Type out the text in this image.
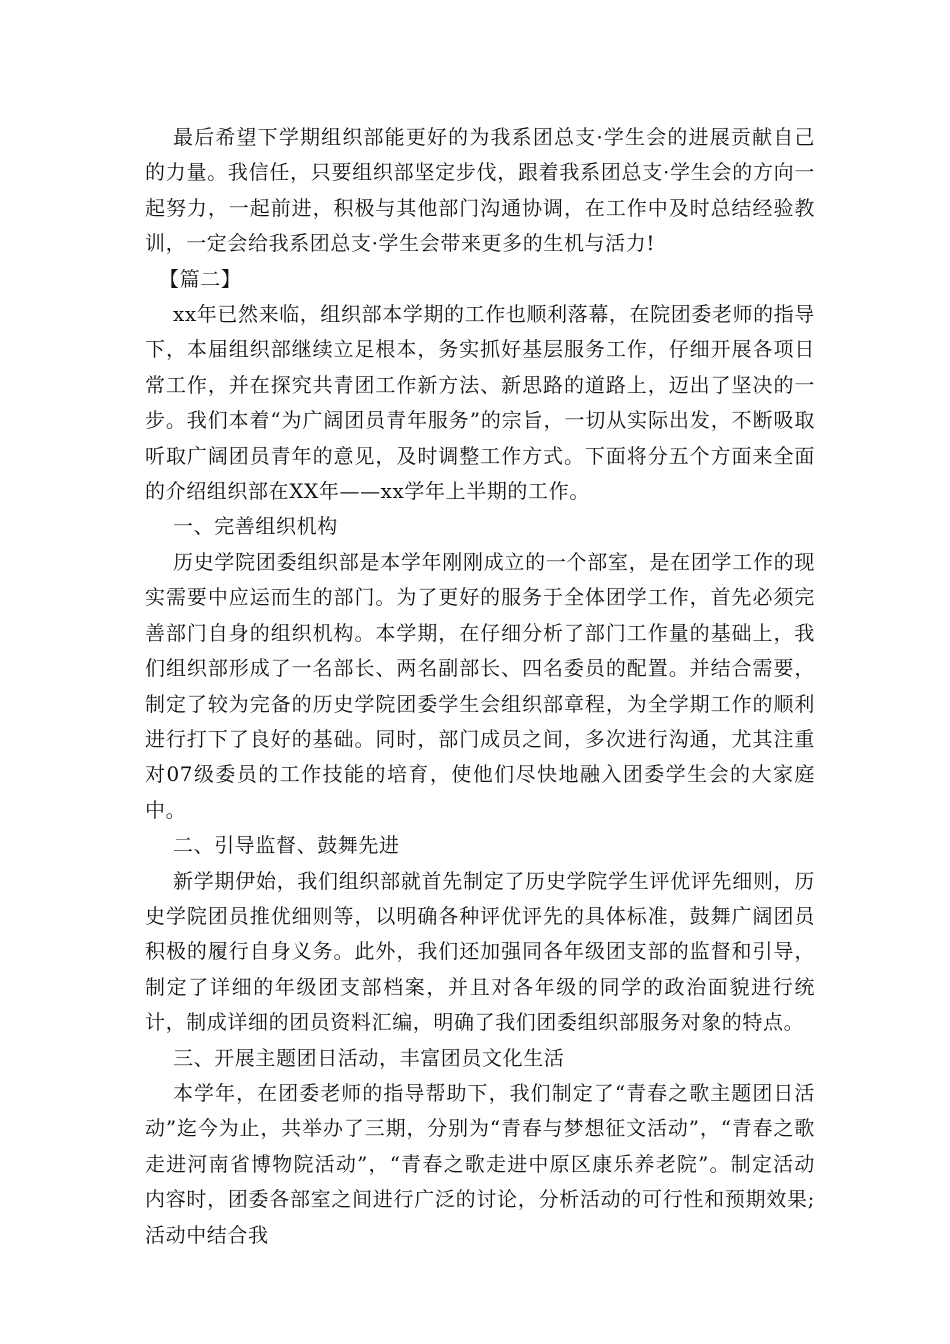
最后希望下学期组织部能更好的为我系团总支·学生会的进展贡献自己的力量。我信任，只要组织部坚定步伐，跟着我系团总支·学生会的方向一起努力，一起前进，积极与其他部门沟通协调，在工作中及时总结经验教训，一定会给我系团总支·学生会带来更多的生机与活力!

【篇二】

xx年已然来临，组织部本学期的工作也顺利落幕，在院团委老师的指导下，本届组织部继续立足根本，务实抓好基层服务工作，仔细开展各项日常工作，并在探究共青团工作新方法、新思路的道路上，迈出了坚决的一步。我们本着“为广阔团员青年服务”的宗旨，一切从实际出发，不断吸取听取广阔团员青年的意见，及时调整工作方式。下面将分五个方面来全面的介绍组织部在XX年——xx学年上半期的工作。

一、完善组织机构

历史学院团委组织部是本学年刚刚成立的一个部室，是在团学工作的现实需要中应运而生的部门。为了更好的服务于全体团学工作，首先必须完善部门自身的组织机构。本学期，在仔细分析了部门工作量的基础上，我们组织部形成了一名部长、两名副部长、四名委员的配置。并结合需要，制定了较为完备的历史学院团委学生会组织部章程，为全学期工作的顺利进行打下了良好的基础。同时，部门成员之间，多次进行沟通，尤其注重对07级委员的工作技能的培育，使他们尽快地融入团委学生会的大家庭中。

二、引导监督、鼓舞先进

新学期伊始，我们组织部就首先制定了历史学院学生评优评先细则，历史学院团员推优细则等，以明确各种评优评先的具体标准，鼓舞广阔团员积极的履行自身义务。此外，我们还加强同各年级团支部的监督和引导，制定了详细的年级团支部档案，并且对各年级的同学的政治面貌进行统计，制成详细的团员资料汇编，明确了我们团委组织部服务对象的特点。

三、开展主题团日活动，丰富团员文化生活

本学年，在团委老师的指导帮助下，我们制定了“青春之歌主题团日活动”迄今为止，共举办了三期，分别为“青春与梦想征文活动”，“青春之歌走进河南省博物院活动”，“青春之歌走进中原区康乐养老院”。制定活动内容时，团委各部室之间进行广泛的讨论，分析活动的可行性和预期效果;活动中结合我
